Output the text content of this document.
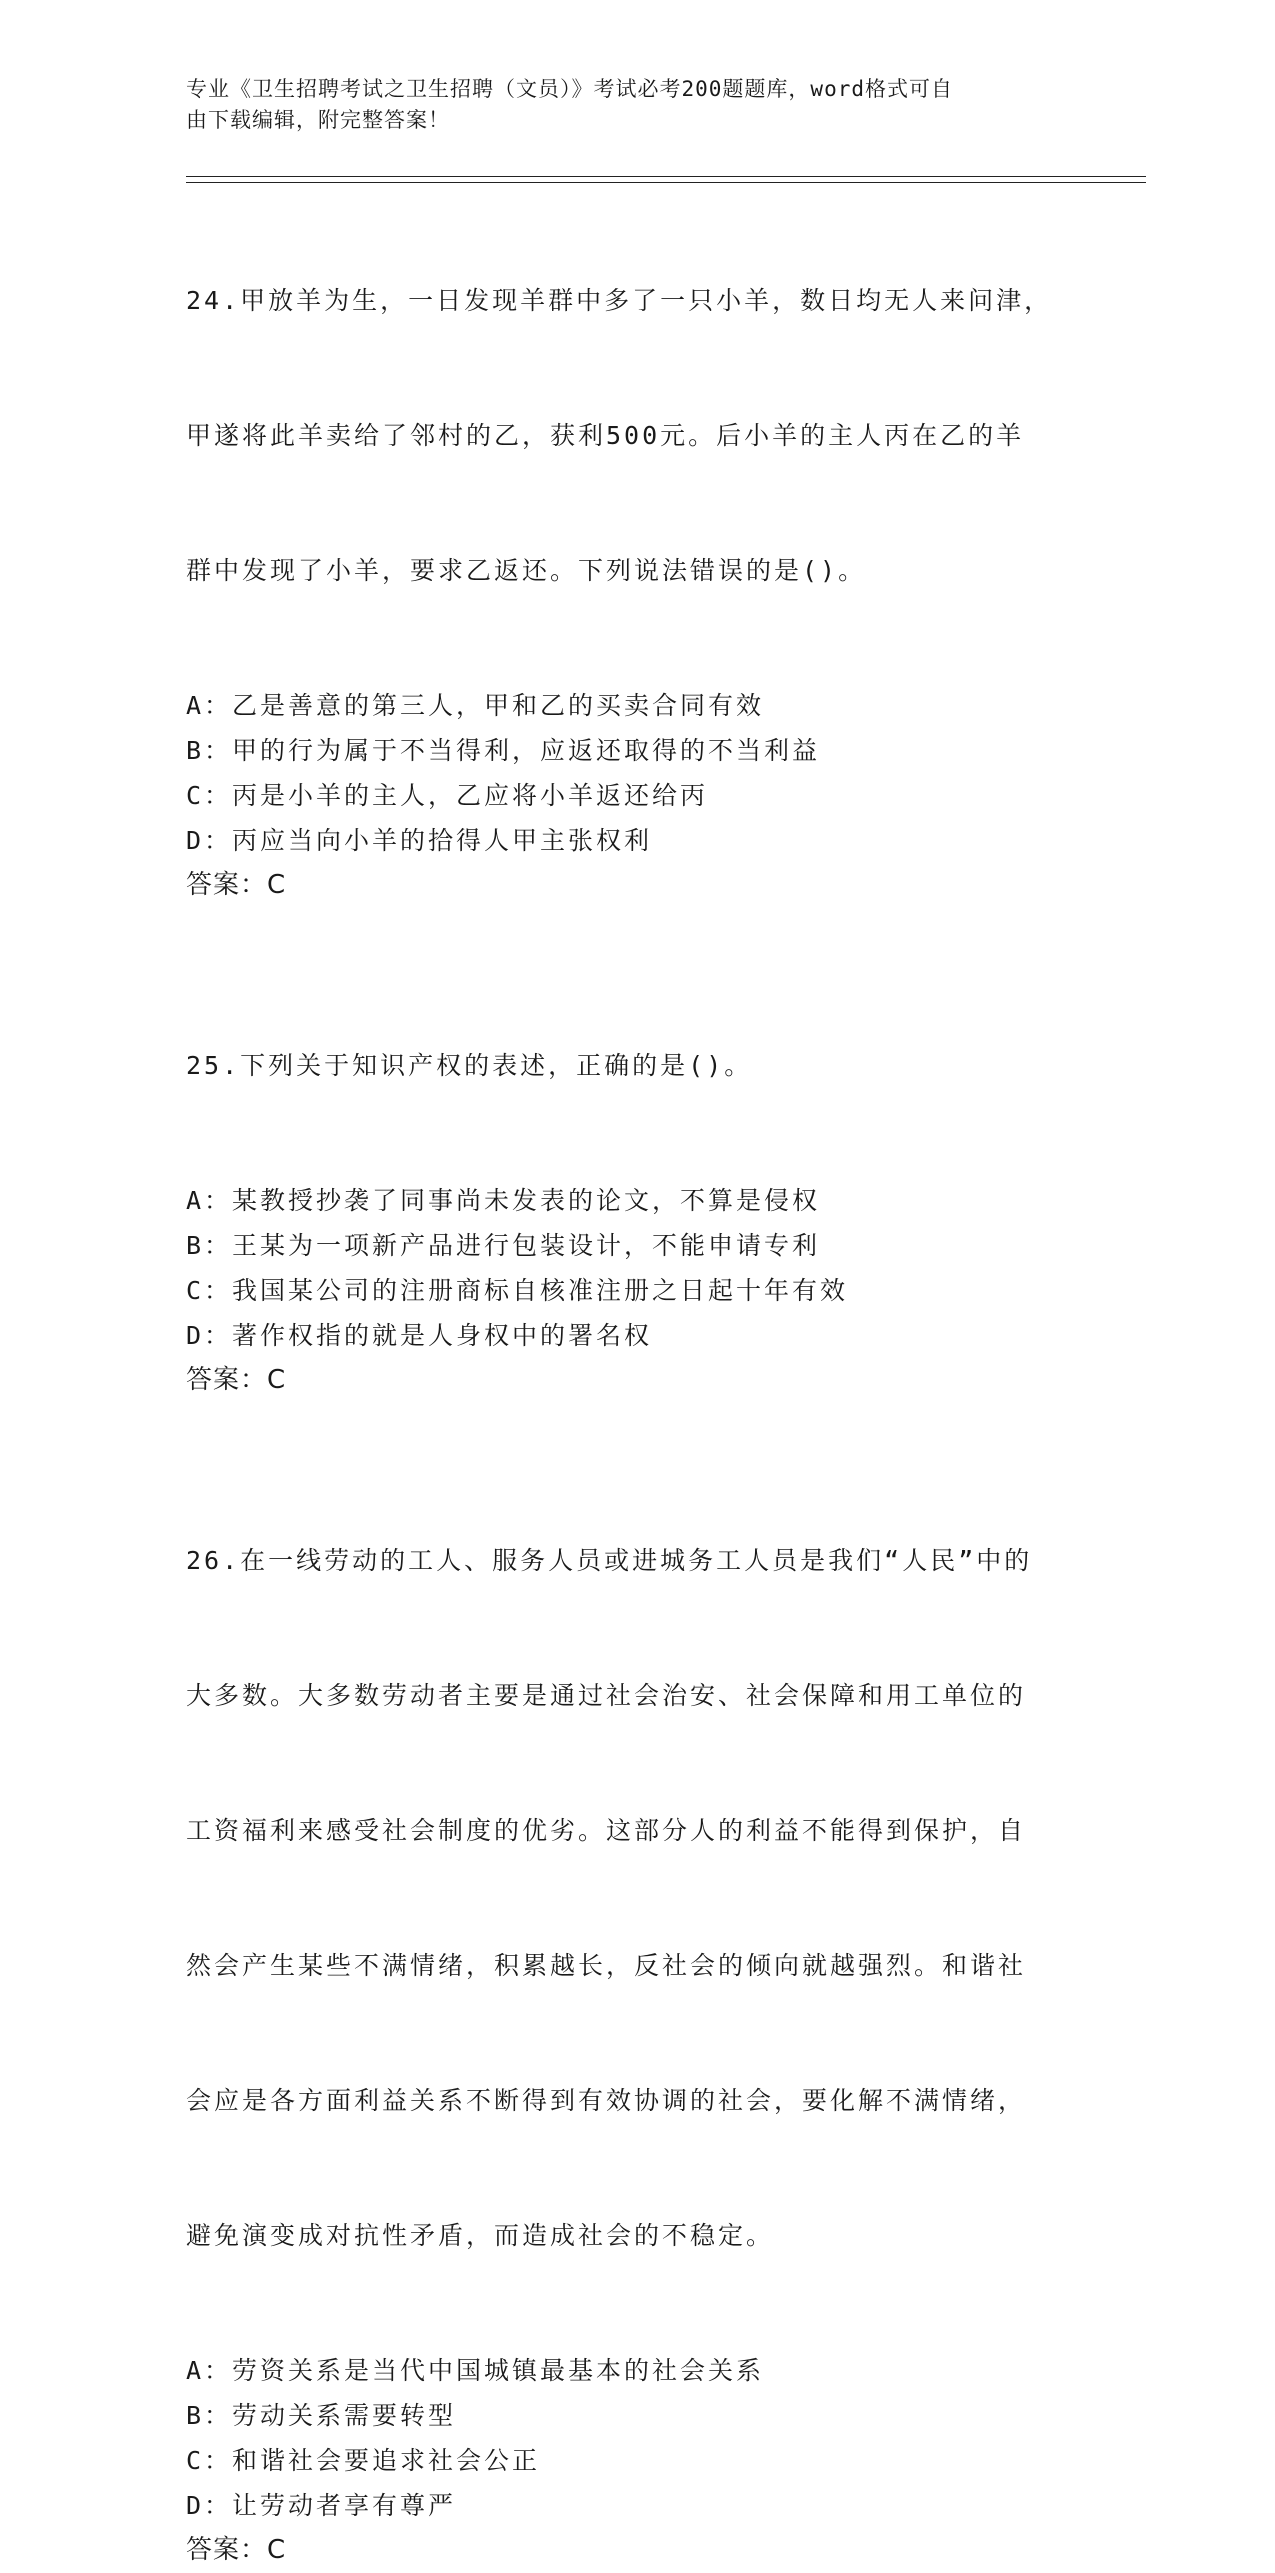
专业《卫生招聘考试之卫生招聘（文员）》考试必考200题题库，word格式可自
由下载编辑，附完整答案！

24.甲放羊为生，一日发现羊群中多了一只小羊，数日均无人来问津，

甲遂将此羊卖给了邻村的乙，获利500元。后小羊的主人丙在乙的羊

群中发现了小羊，要求乙返还。下列说法错误的是()。

A：乙是善意的第三人，甲和乙的买卖合同有效
B：甲的行为属于不当得利，应返还取得的不当利益
C：丙是小羊的主人，乙应将小羊返还给丙
D：丙应当向小羊的拾得人甲主张权利
答案：C

25.下列关于知识产权的表述，正确的是()。

A：某教授抄袭了同事尚未发表的论文，不算是侵权
B：王某为一项新产品进行包装设计，不能申请专利
C：我国某公司的注册商标自核准注册之日起十年有效
D：著作权指的就是人身权中的署名权
答案：C

26.在一线劳动的工人、服务人员或进城务工人员是我们“人民”中的

大多数。大多数劳动者主要是通过社会治安、社会保障和用工单位的

工资福利来感受社会制度的优劣。这部分人的利益不能得到保护，自

然会产生某些不满情绪，积累越长，反社会的倾向就越强烈。和谐社

会应是各方面利益关系不断得到有效协调的社会，要化解不满情绪，

避免演变成对抗性矛盾，而造成社会的不稳定。

A：劳资关系是当代中国城镇最基本的社会关系
B：劳动关系需要转型
C：和谐社会要追求社会公正
D：让劳动者享有尊严
答案：C
